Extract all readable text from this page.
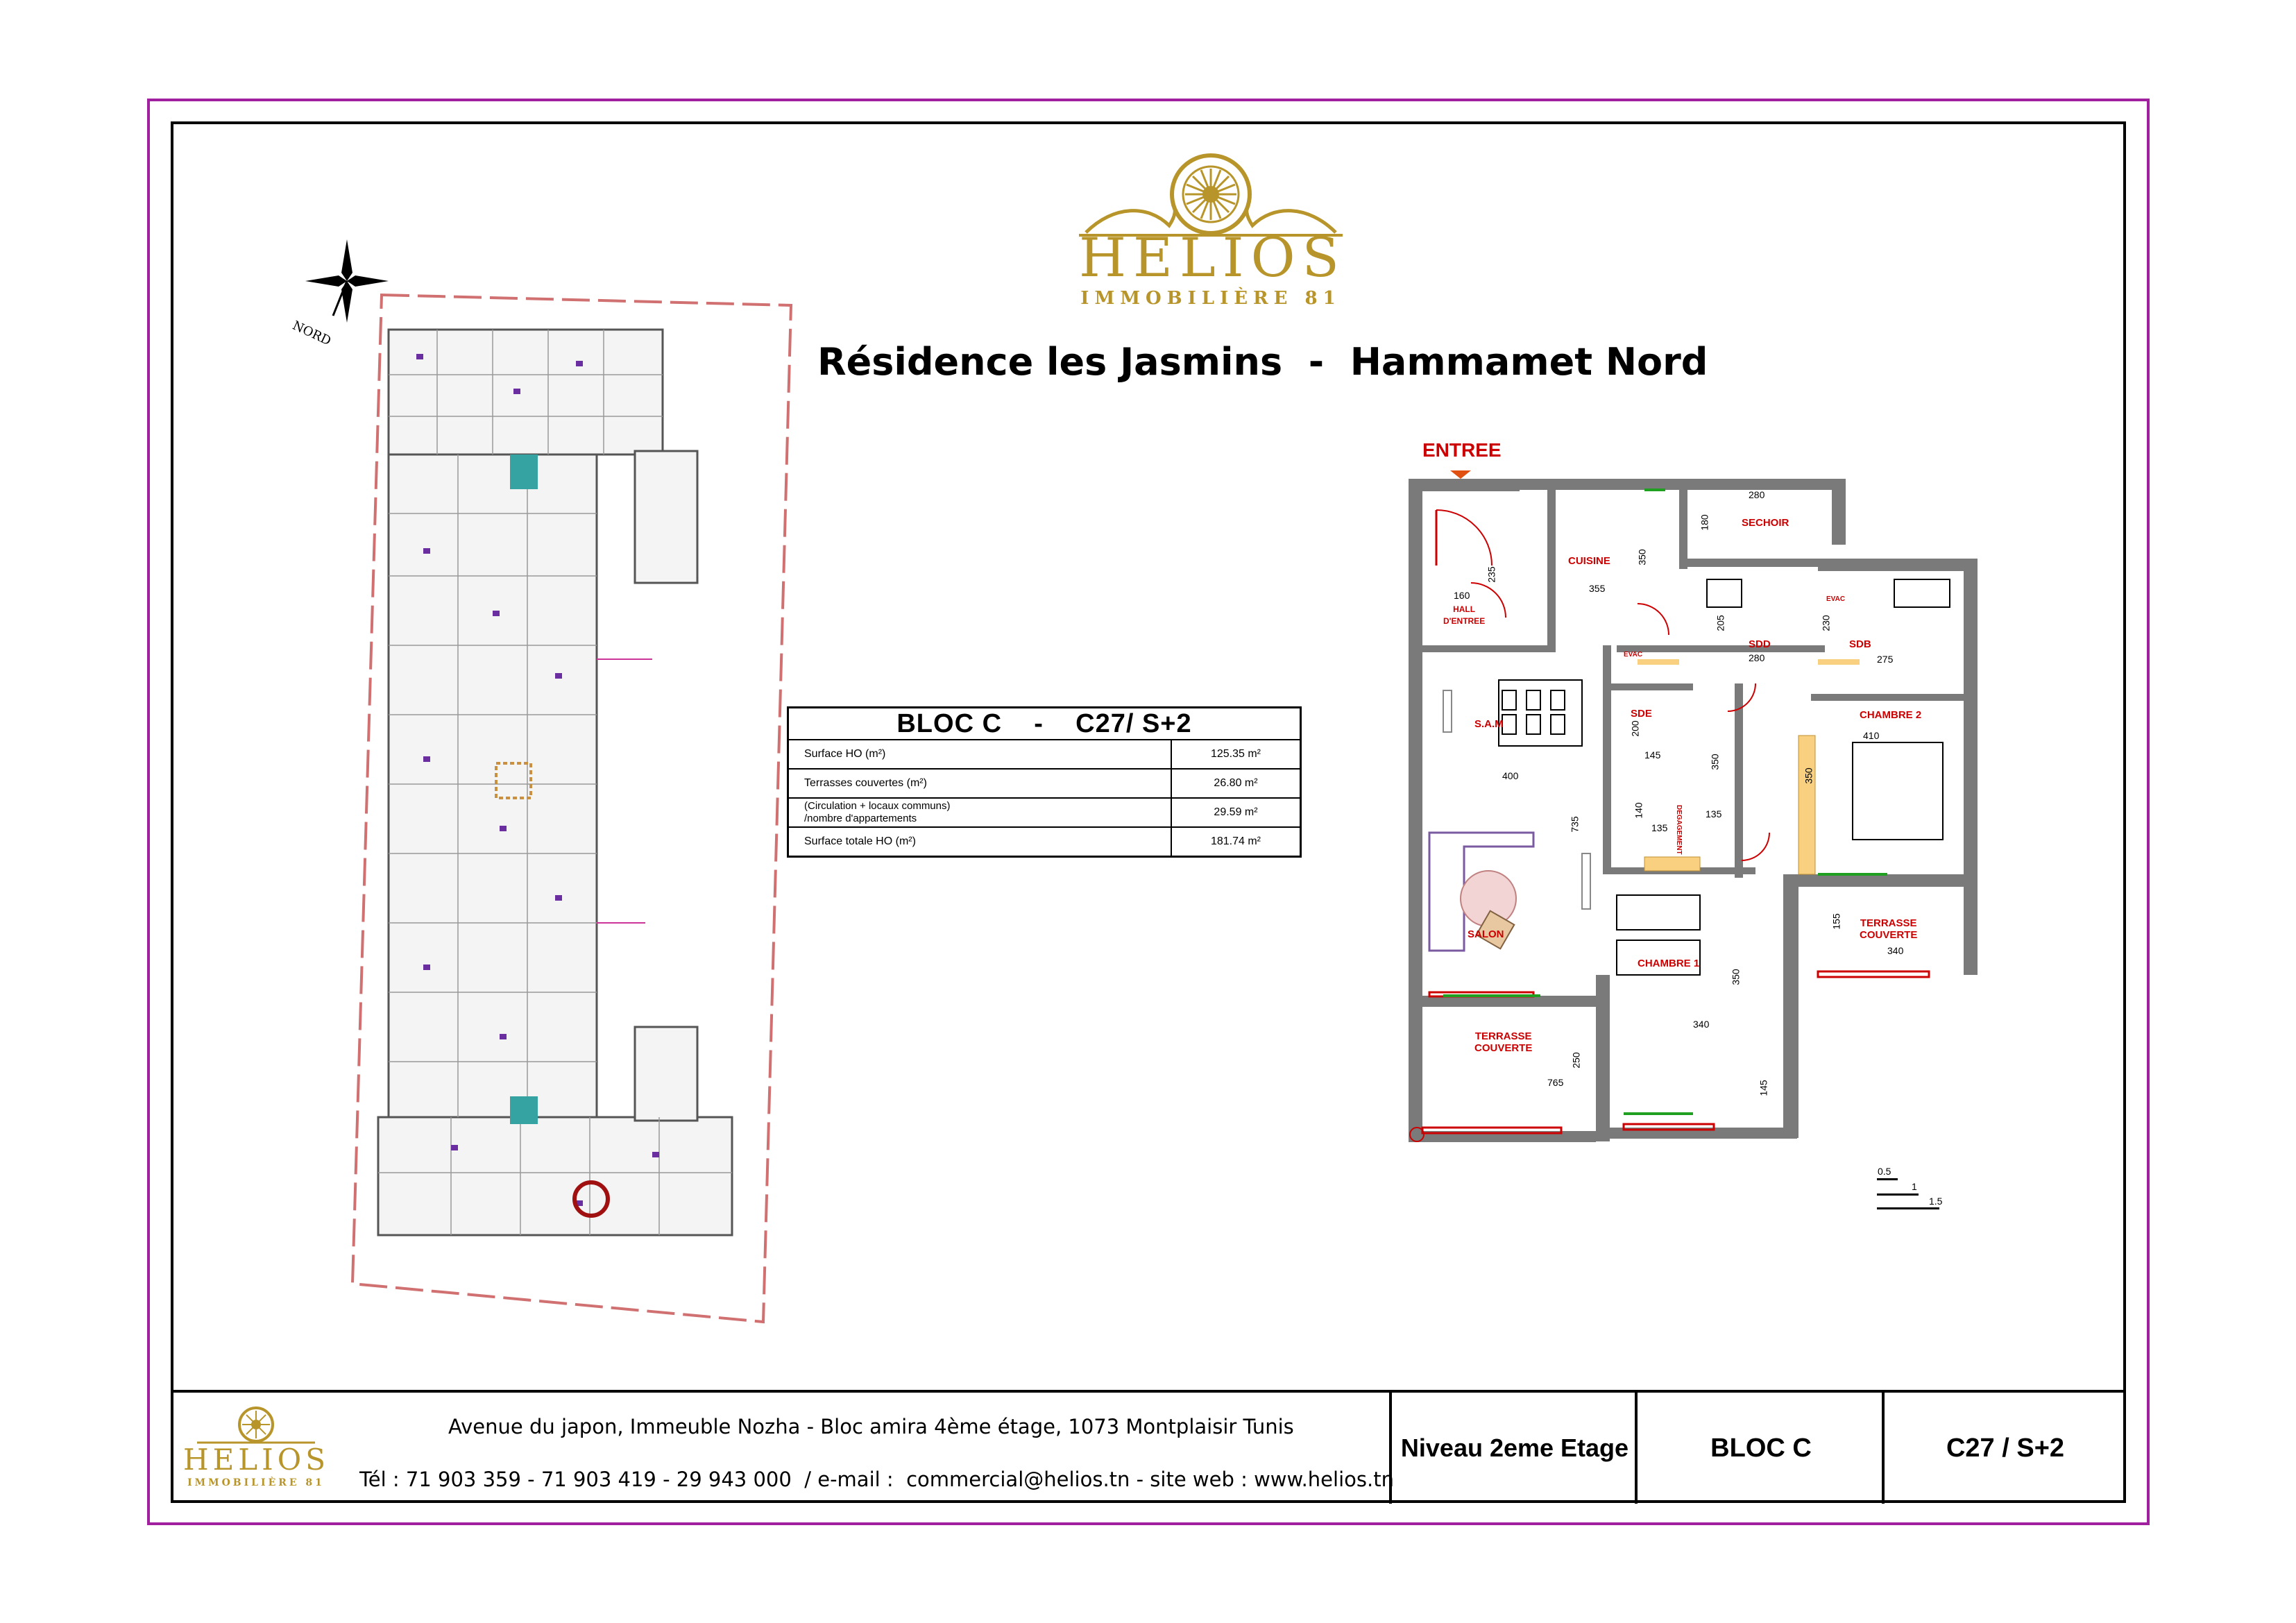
HELIOS
IMMOBILIÈRE 81
Résidence les Jasmins  -  Hammamet Nord
NORD
BLOC C    -    C27/ S+2	
Surface HO (m²)	125.35 m²
Terrasses couvertes (m²)	26.80 m²
(Circulation + locaux communs)
/nombre d'appartements	29.59 m²
Surface totale HO (m²)	181.74 m²
ENTREE
CUISINE
SECHOIR
HALL
D'ENTREE
SDD	SDB
EVAC
EVAC
S.A.M
SDE	CHAMBRE 2
DEGAGEMENT
SALON
CHAMBRE 1
TERRASSE
COUVERTE
TERRASSE
COUVERTE
280
180
350
355
160
235
205
280
230
275
400
735
200
145
410
350
350
140
135
135
155
340
350
340
250
765	145
0.5
1
1.5
HELIOS
IMMOBILIÈRE 81
Avenue du japon, Immeuble Nozha - Bloc amira 4ème étage, 1073 Montplaisir Tunis
Tél : 71 903 359 - 71 903 419 - 29 943 000  / e-mail :  commercial@helios.tn - site web : www.helios.tn
Niveau 2eme Etage	BLOC C	C27 / S+2
